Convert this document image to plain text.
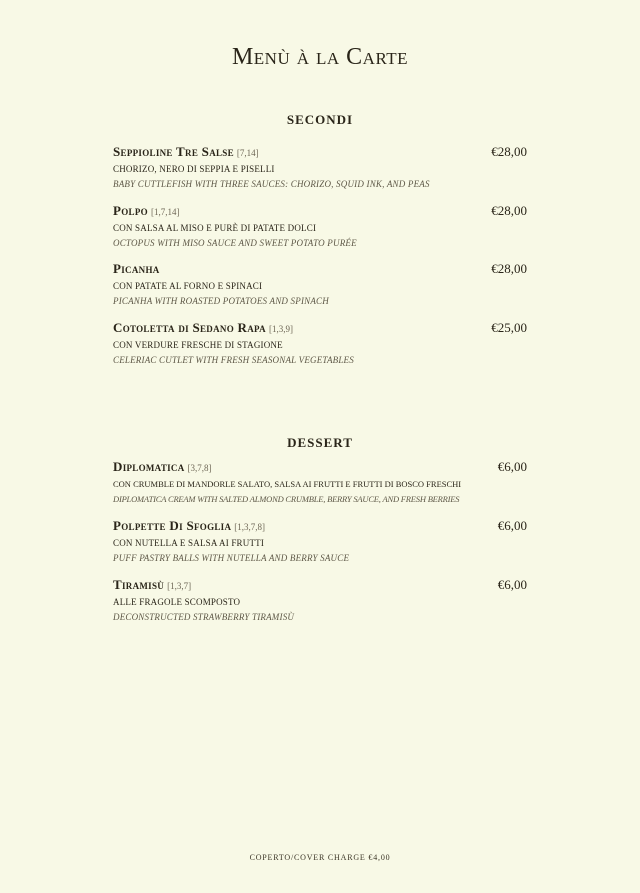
Menù à la Carte
SECONDI
Seppioline Tre Salse [7,14]	€28,00
CHORIZO, NERO DI SEPPIA E PISELLI
BABY CUTTLEFISH WITH THREE SAUCES: CHORIZO, SQUID INK, AND PEAS
Polpo [1,7,14]	€28,00
CON SALSA AL MISO E PURÈ DI PATATE DOLCI
OCTOPUS WITH MISO SAUCE AND SWEET POTATO PURÉE
Picanha	€28,00
CON PATATE AL FORNO E SPINACI
PICANHA WITH ROASTED POTATOES AND SPINACH
Cotoletta di Sedano Rapa [1,3,9]	€25,00
CON VERDURE FRESCHE DI STAGIONE
CELERIAC CUTLET WITH FRESH SEASONAL VEGETABLES
DESSERT
Diplomatica [3,7,8]	€6,00
CON CRUMBLE DI MANDORLE SALATO, SALSA AI FRUTTI E FRUTTI DI BOSCO FRESCHI
DIPLOMATICA CREAM WITH SALTED ALMOND CRUMBLE, BERRY SAUCE, AND FRESH BERRIES
Polpette Di Sfoglia [1,3,7,8]	€6,00
CON NUTELLA E SALSA AI FRUTTI
PUFF PASTRY BALLS WITH NUTELLA AND BERRY SAUCE
Tiramisù [1,3,7]	€6,00
ALLE FRAGOLE SCOMPOSTO
DECONSTRUCTED STRAWBERRY TIRAMISÙ
COPERTO/COVER CHARGE €4,00
